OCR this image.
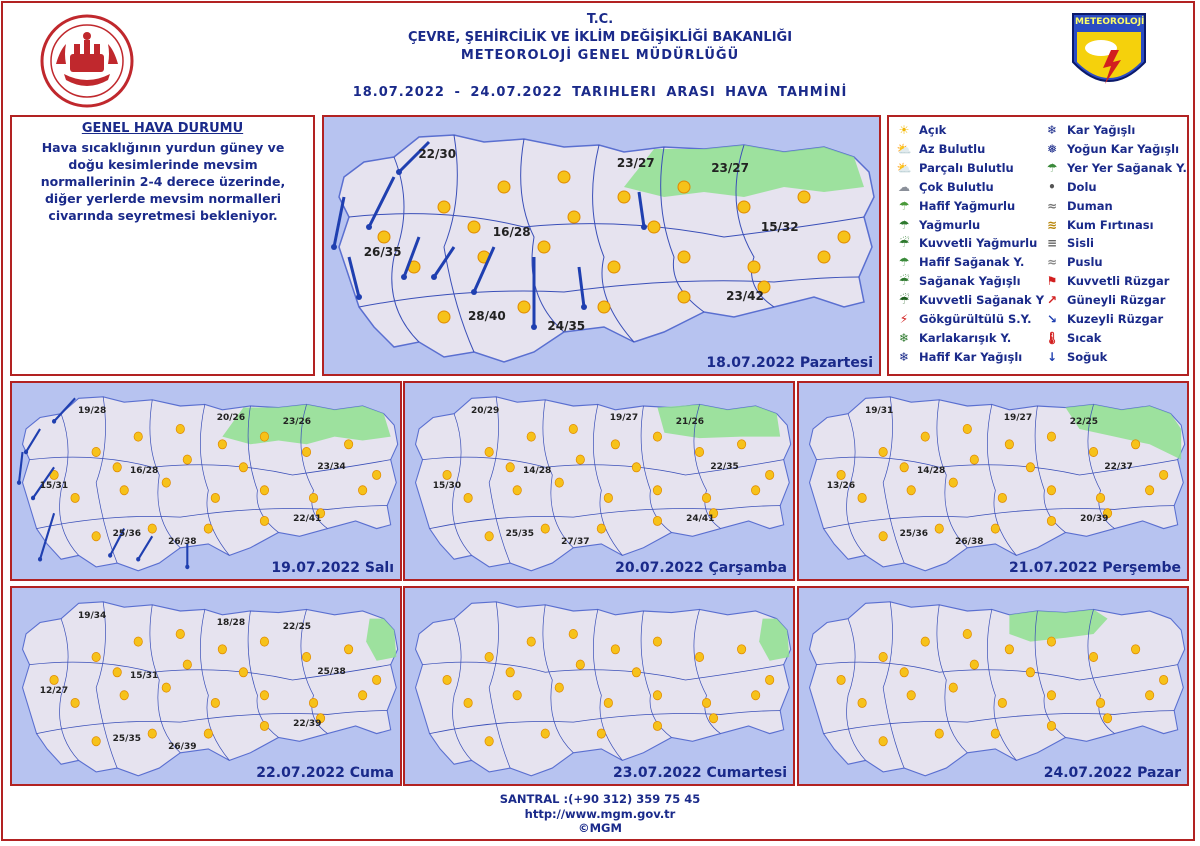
METEOROLOJİ
T.C.
ÇEVRE, ŞEHİRCİLİK VE İKLİM DEĞİŞİKLİĞİ BAKANLIĞI
METEOROLOJİ GENEL MÜDÜRLÜĞÜ
18.07.2022 - 24.07.2022 TARIHLERI ARASI HAVA TAHMİNİ
GENEL HAVA DURUMU
Hava sıcaklığının yurdun güney ve doğu kesimlerinde mevsim normallerinin 2-4 derece üzerinde, diğer yerlerde mevsim normalleri civarında seyretmesi bekleniyor.
18.07.2022 Pazartesi
22/30
23/27	23/27
16/28
26/35
15/32
23/42
28/40
24/35
☀ Açık
⛅ Az Bulutlu
⛅ Parçalı Bulutlu
☁ Çok Bulutlu
☂ Hafif Yağmurlu
☂ Yağmurlu
☔ Kuvvetli Yağmurlu
☂ Hafif Sağanak Y.
☔ Sağanak Yağışlı
☔ Kuvvetli Sağanak Y
⚡ Gökgürültülü S.Y.
❄ Karlakarışık Y.
❄ Hafif Kar Yağışlı
❄ Kar Yağışlı
❅ Yoğun Kar Yağışlı
☂ Yer Yer Sağanak Y.
• Dolu
≈ Duman
≋ Kum Fırtınası
≡ Sisli
≈ Puslu
⚑ Kuvvetli Rüzgar
↗ Güneyli Rüzgar
↘ Kuzeyli Rüzgar
🌡 Sıcak
↓ Soğuk
19.07.2022 Salı
19/28
20/26	23/26
16/28
15/31
23/34
22/41
25/36
26/38
20.07.2022 Çarşamba
20/29
19/27	21/26
14/28
15/30
22/35
24/41
25/35
27/37
21.07.2022 Perşembe
19/31
19/27	22/25
14/28
13/26
22/37
20/39
25/36
26/38
22.07.2022 Cuma
19/34
18/28	22/25
15/31
12/27
25/38
22/39
25/35
26/39
23.07.2022 Cumartesi	24.07.2022 Pazar
SANTRAL :(+90 312) 359 75 45
http://www.mgm.gov.tr
©MGM
